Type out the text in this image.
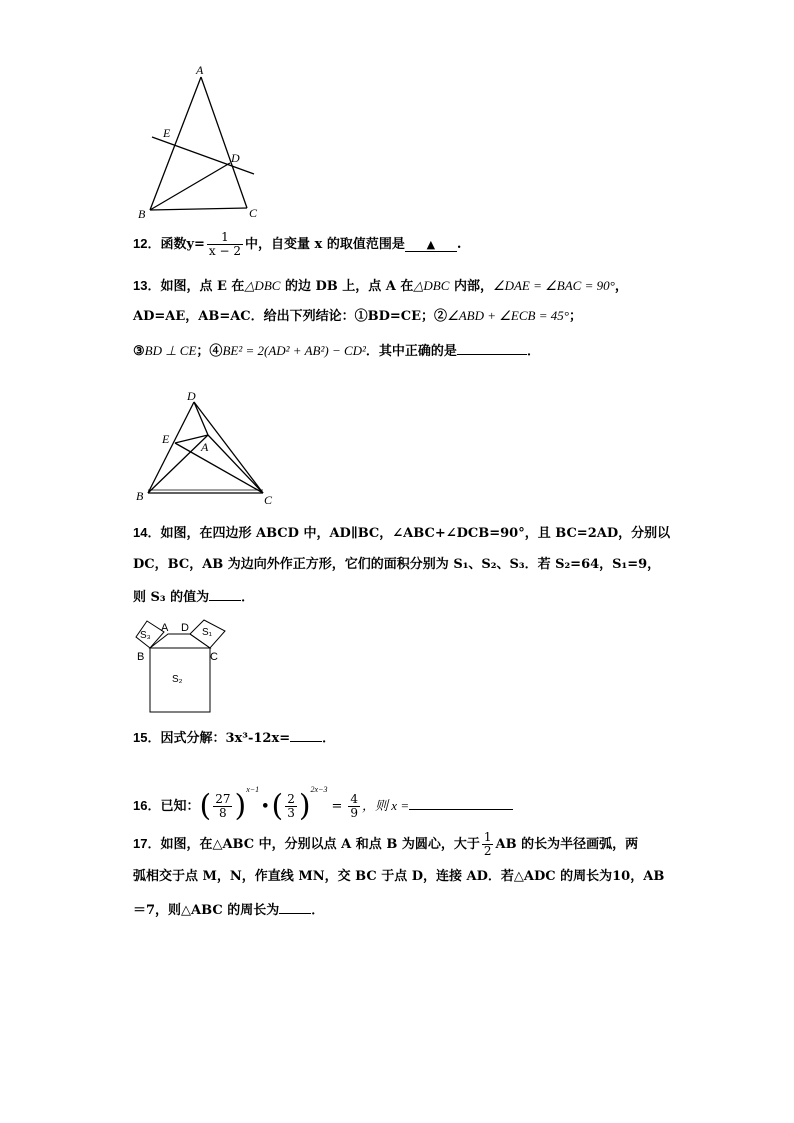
A
E
D
B	C
12．函数$y= \frac{1}{x - 2}$ 中，自变量 x 的取值范围是 ▲ .
13．如图，点 E 在△DBC 的边 DB 上，点 A 在△DBC 内部，∠DAE = ∠BAC = 90°，
AD=AE，AB=AC．给出下列结论：①BD=CE；②∠ABD + ∠ECB = 45°；
③BD ⊥ CE；④BE² = 2(AD² + AB²) − CD²．其中正确的是	．
D
E
A
B	C
14．如图，在四边形 ABCD 中，AD∥BC，∠ABC+∠DCB=90°，且 BC=2AD，分别以
DC，BC，AB 为边向外作正方形，它们的面积分别为 S₁、S₂、S₃．若 S₂=64，S₁=9，
则 S₃ 的值为 ．
S₃
A D S₁
B	C
S₂
15．因式分解：3x³-12x= ．
16．已知：( $\frac{27}{8}$ )$^{x-1}$•( $\frac{2}{3} )^{2x-3}= \frac{4}{9}$ ，则 x =
17．如图，在△ABC 中，分别以点 A 和点 B 为圆心，大于 $\frac{1}{2}$ AB 的长为半径画弧，两
弧相交于点 M，N，作直线 MN，交 BC 于点 D，连接 AD．若△ADC 的周长为10，AB
＝7，则△ABC 的周长为 ．
